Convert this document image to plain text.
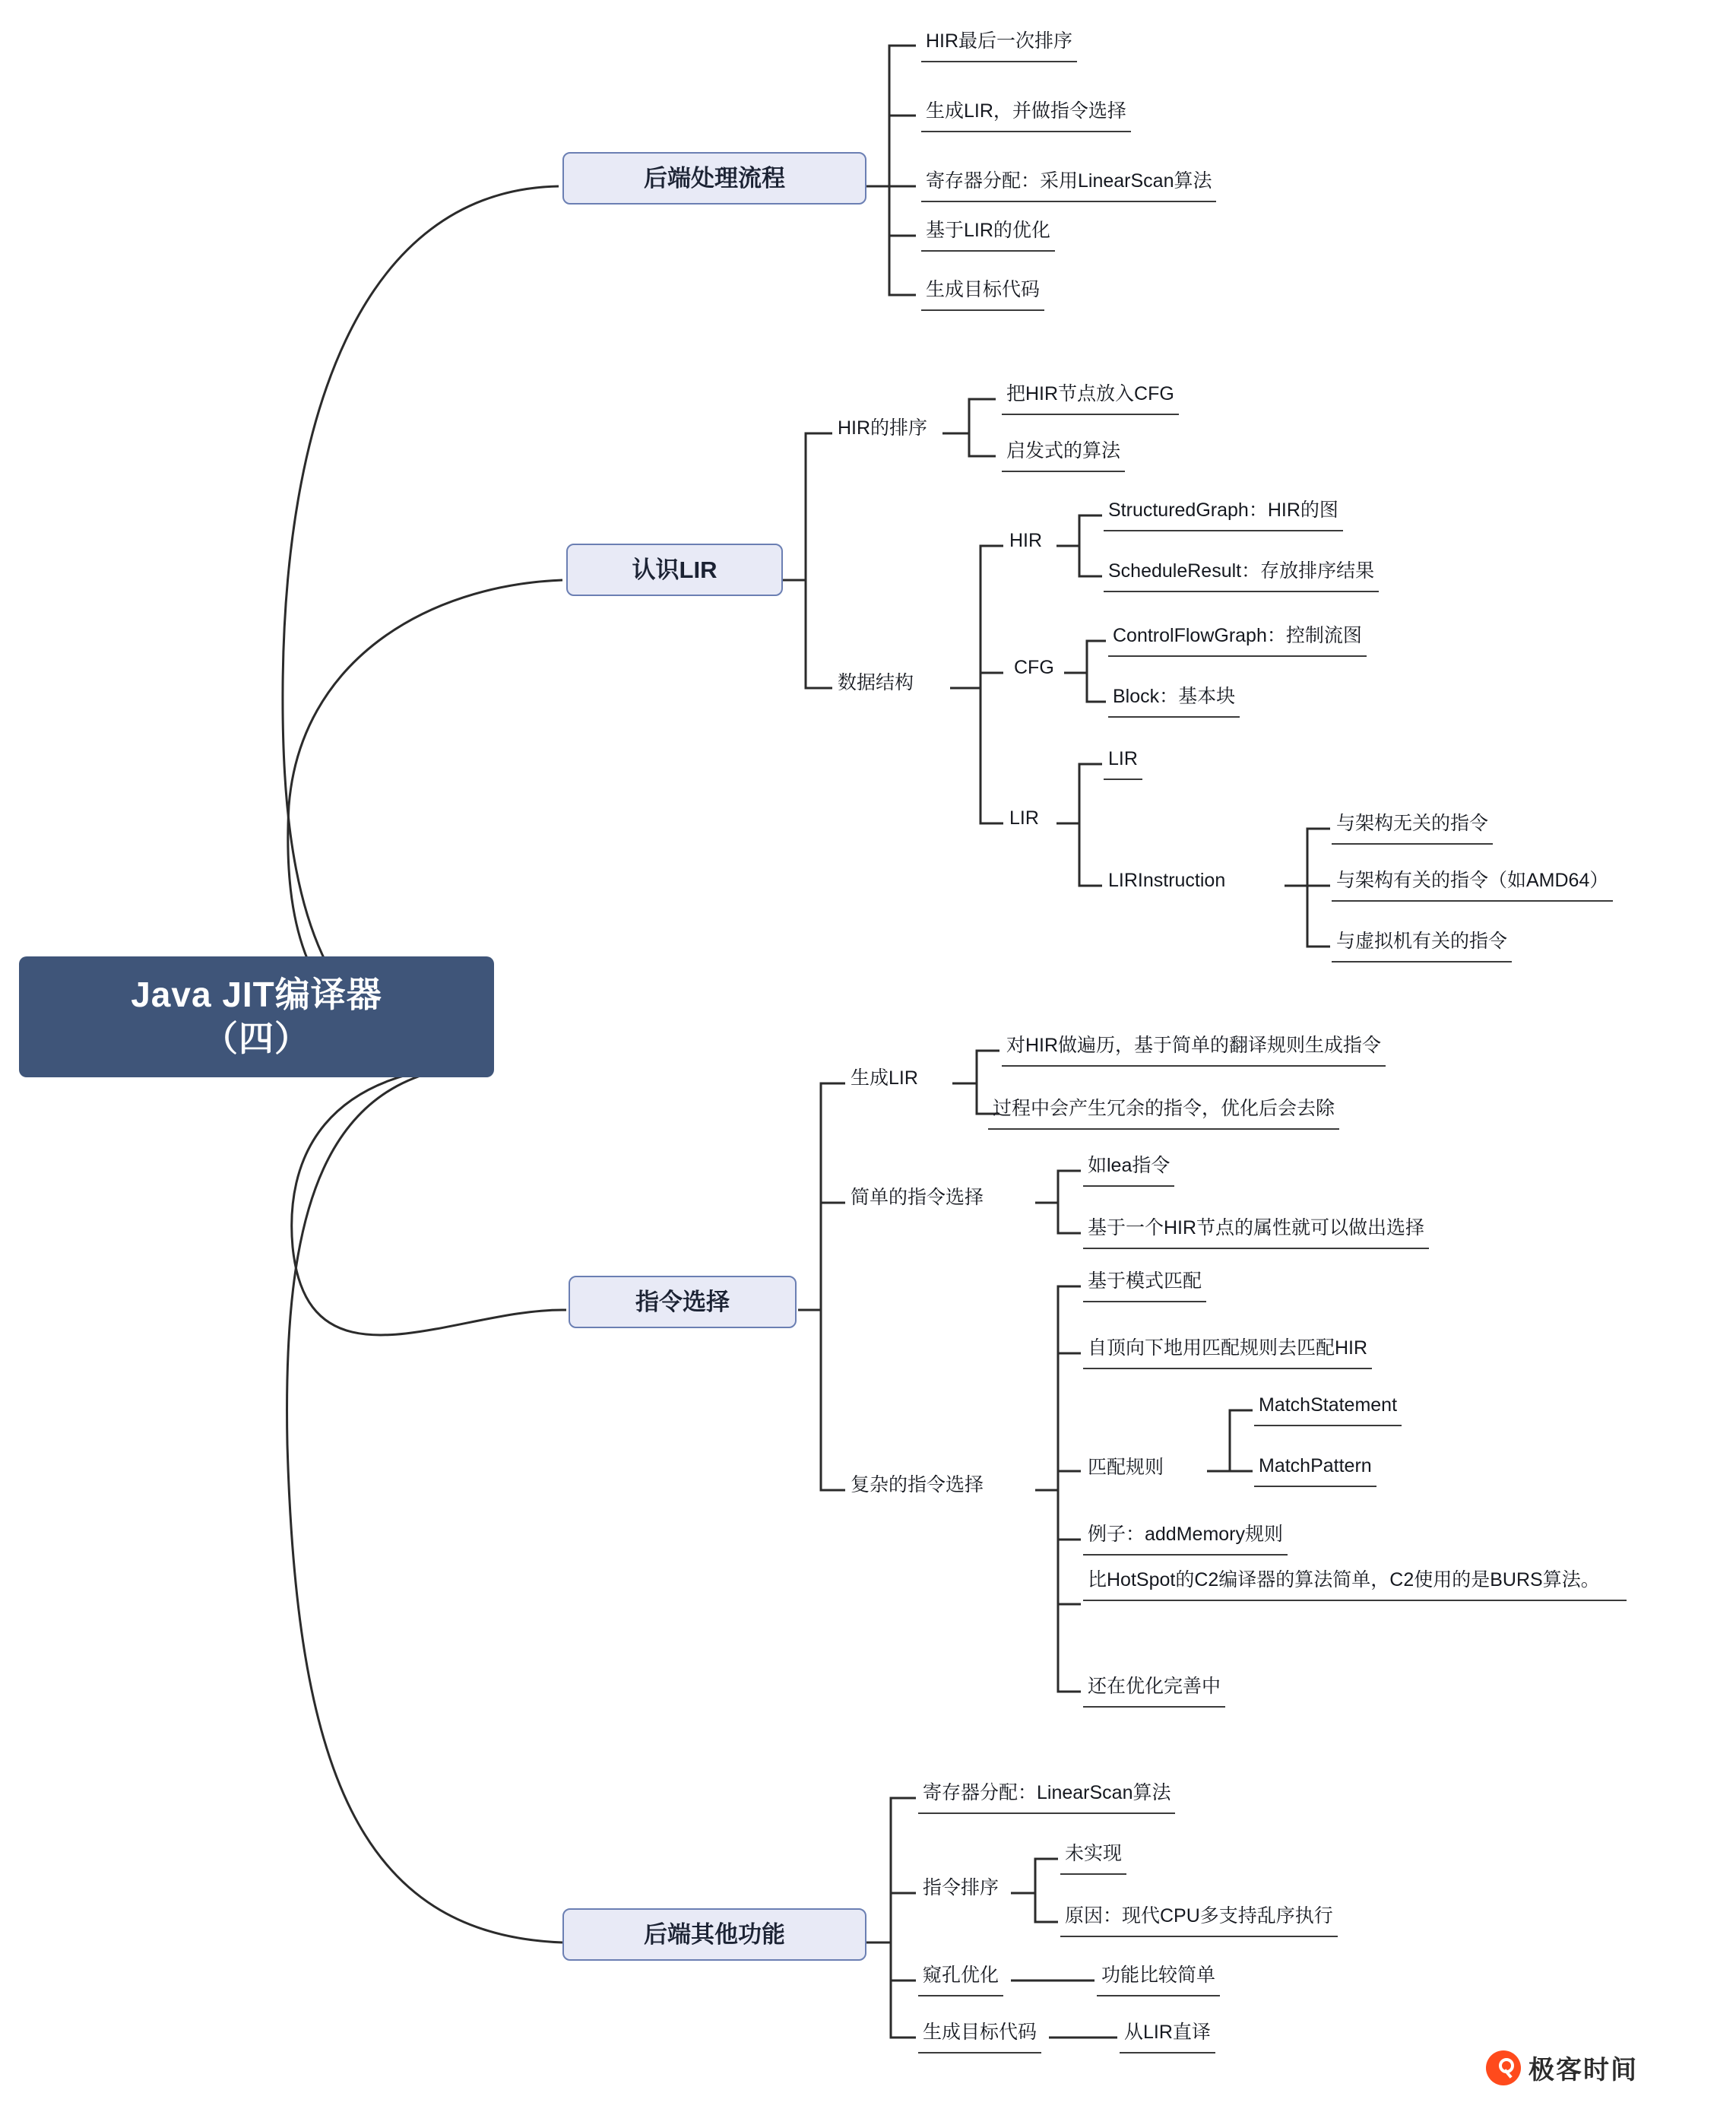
Java JIT编译器
（四）
后端处理流程
HIR最后一次排序
生成LIR，并做指令选择
寄存器分配：采用LinearScan算法
基于LIR的优化
生成目标代码
认识LIR
HIR的排序
把HIR节点放入CFG
启发式的算法
数据结构
HIR
StructuredGraph：HIR的图
ScheduleResult：存放排序结果
CFG
ControlFlowGraph：控制流图
Block：基本块
LIR
LIR
LIRInstruction
与架构无关的指令
与架构有关的指令（如AMD64）
与虚拟机有关的指令
指令选择
生成LIR
对HIR做遍历，基于简单的翻译规则生成指令
过程中会产生冗余的指令，优化后会去除
简单的指令选择
如lea指令
基于一个HIR节点的属性就可以做出选择
复杂的指令选择
基于模式匹配
自顶向下地用匹配规则去匹配HIR
匹配规则
MatchStatement
MatchPattern
例子：addMemory规则
比HotSpot的C2编译器的算法简单，C2使用的是BURS算法。
还在优化完善中
后端其他功能
寄存器分配：LinearScan算法
指令排序
未实现
原因：现代CPU多支持乱序执行
窥孔优化	功能比较简单
生成目标代码	从LIR直译
极客时间
